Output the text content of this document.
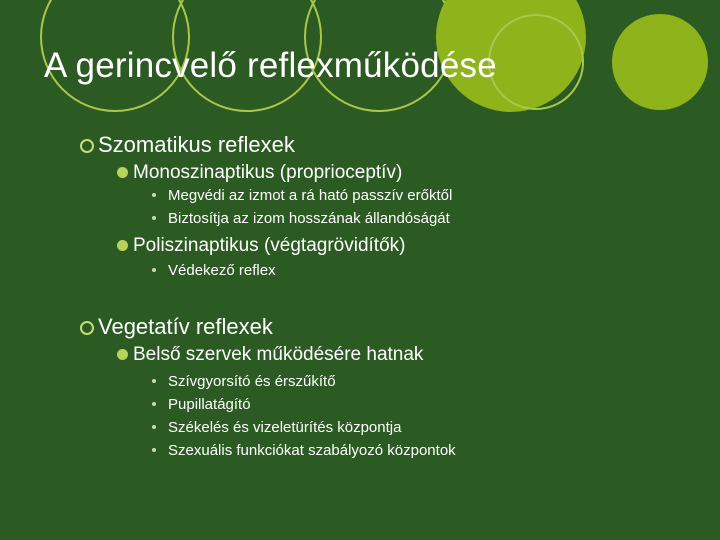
A gerincvelő reflexműködése
Szomatikus reflexek
Monoszinaptikus (proprioceptív)
Megvédi az izmot a rá ható passzív erőktől
Biztosítja az izom hosszának állandóságát
Poliszinaptikus (végtagrövidítők)
Védekező reflex
Vegetatív reflexek
Belső szervek működésére hatnak
Szívgyorsító és érszűkítő
Pupillatágító
Székelés és vizeletürítés központja
Szexuális funkciókat szabályozó központok
